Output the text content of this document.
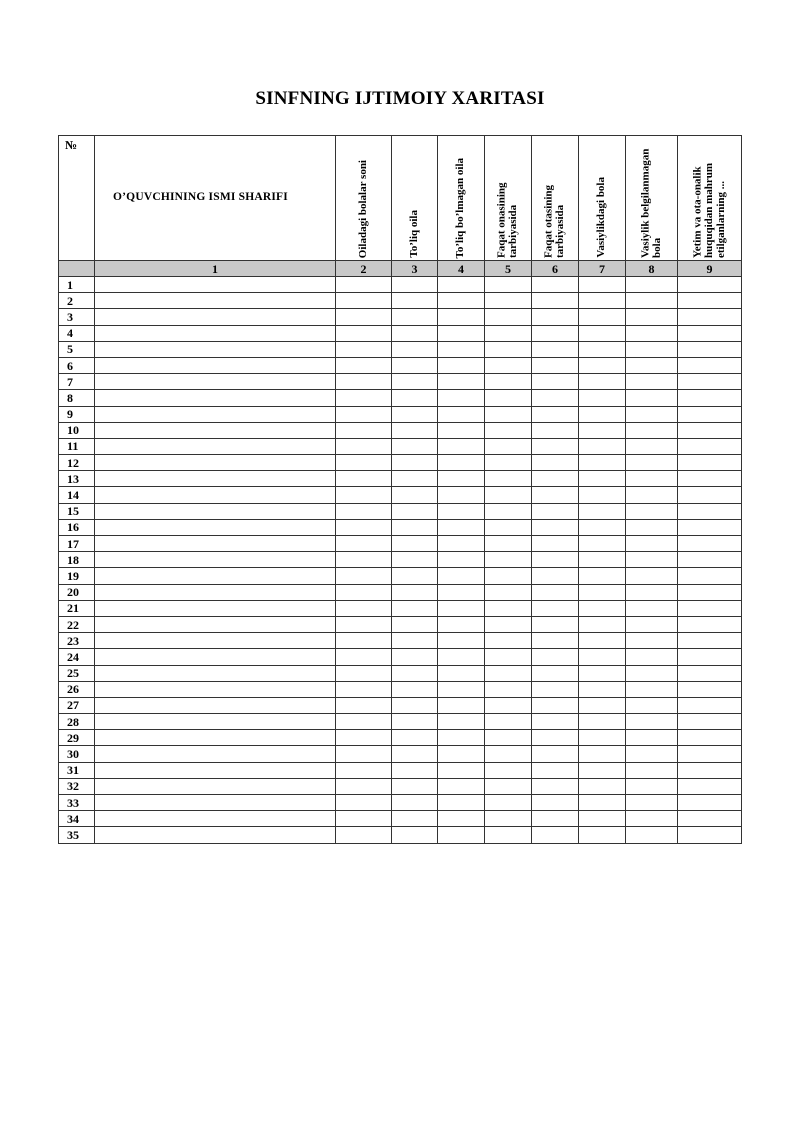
SINFNING IJTIMOIY XARITASI
№	O’QUVCHINING ISMI SHARIFI	Oiladagi bolalar soni	To’liq oila	To’liq bo’lmagan oila	Faqat onasining tarbiyasida	Faqat otasining tarbiyasida	Vasiylikdagi bola	Vasiylik belgilanmagan bola	Yetim va ota-onalik huquqidan mahrum etilganlarning ...

	1	2	3	4	5	6	7	8	9
1									
2									
3									
4									
5									
6									
7									
8									
9									
10									
11									
12									
13									
14									
15									
16									
17									
18									
19									
20									
21									
22									
23									
24									
25									
26									
27									
28									
29									
30									
31									
32									
33									
34									
35									
